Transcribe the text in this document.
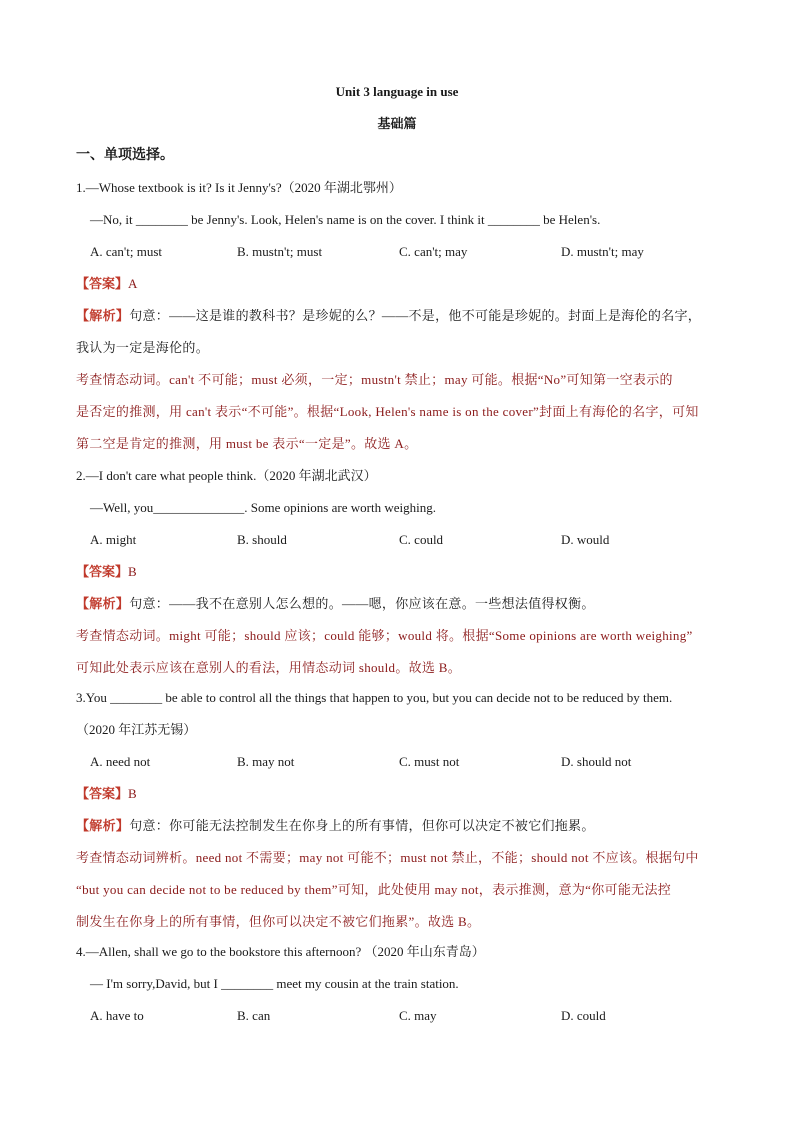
Unit 3 language in use
基础篇
一、单项选择。
1.—Whose textbook is it? Is it Jenny's?（2020 年湖北鄂州）
—No, it ________ be Jenny's. Look, Helen's name is on the cover. I think it ________ be Helen's.
A. can't; must	B. mustn't; must	C. can't; may	D. mustn't; may
【答案】A
【解析】句意：——这是谁的教科书？是珍妮的么？——不是，他不可能是珍妮的。封面上是海伦的名字，
我认为一定是海伦的。
考查情态动词。can't 不可能；must 必须，一定；mustn't 禁止；may 可能。根据“No”可知第一空表示的
是否定的推测，用 can't 表示“不可能”。根据“Look, Helen's name is on the cover”封面上有海伦的名字，可知
第二空是肯定的推测，用 must be 表示“一定是”。故选 A。
2.—I don't care what people think.（2020 年湖北武汉）
—Well, you______________. Some opinions are worth weighing.
A. might	B. should	C. could	D. would
【答案】B
【解析】句意：——我不在意别人怎么想的。——嗯，你应该在意。一些想法值得权衡。
考查情态动词。might 可能；should 应该；could 能够；would 将。根据“Some opinions are worth weighing”
可知此处表示应该在意别人的看法，用情态动词 should。故选 B。
3.You ________ be able to control all the things that happen to you, but you can decide not to be reduced by them.
（2020 年江苏无锡）
A. need not	B. may not	C. must not	D. should not
【答案】B
【解析】句意：你可能无法控制发生在你身上的所有事情，但你可以决定不被它们拖累。
考查情态动词辨析。need not 不需要；may not 可能不；must not 禁止，不能；should not 不应该。根据句中
“but you can decide not to be reduced by them”可知，此处使用 may not，表示推测，意为“你可能无法控
制发生在你身上的所有事情，但你可以决定不被它们拖累”。故选 B。
4.—Allen, shall we go to the bookstore this afternoon? （2020 年山东青岛）
— I'm sorry,David, but I ________ meet my cousin at the train station.
A. have to	B. can	C. may	D. could
